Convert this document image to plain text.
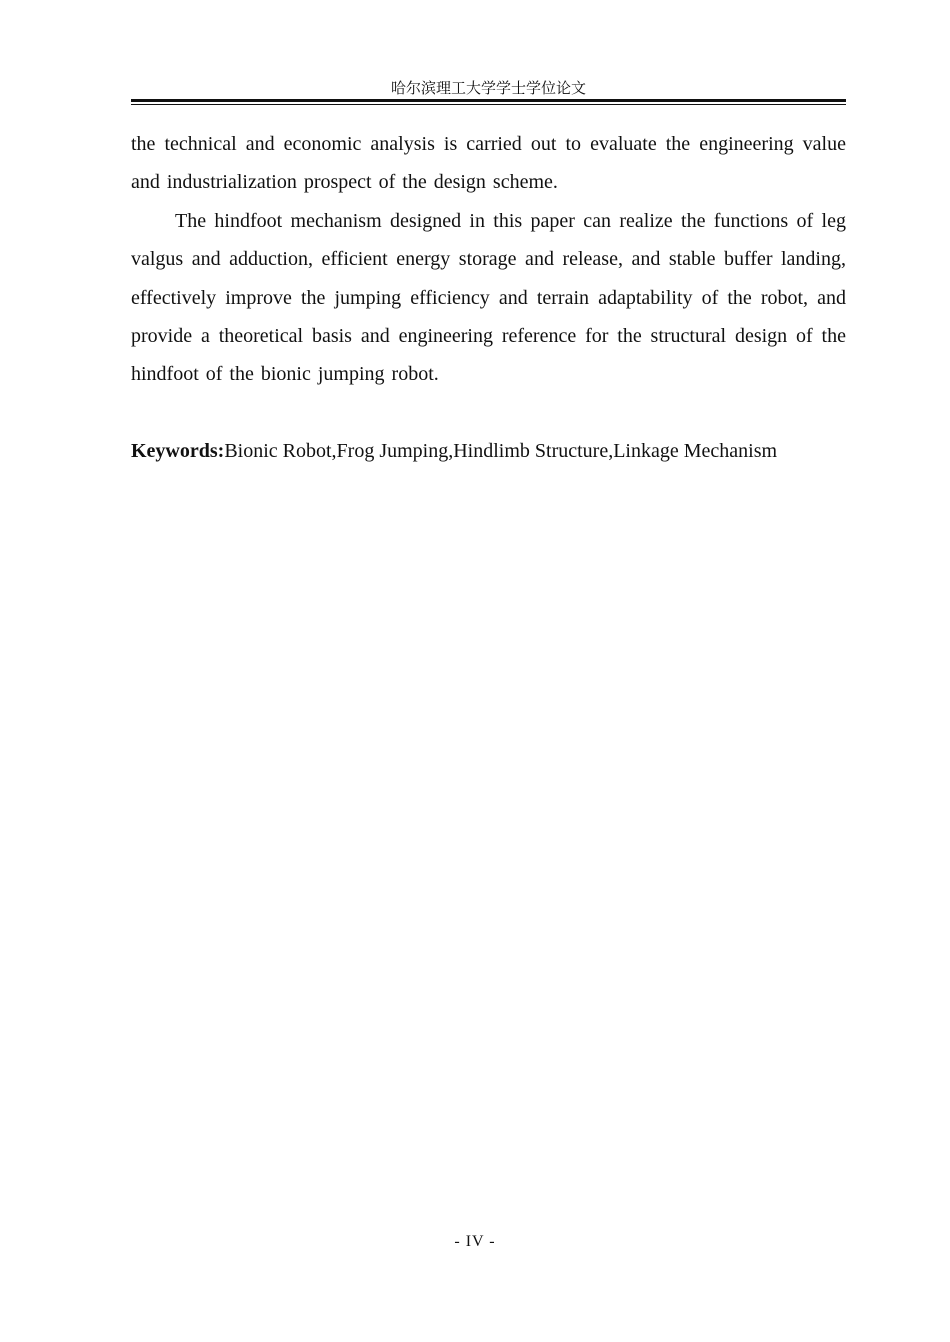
哈尔滨理工大学学士学位论文

the technical and economic analysis is carried out to evaluate the engineering value and industrialization prospect of the design scheme.

The hindfoot mechanism designed in this paper can realize the functions of leg valgus and adduction, efficient energy storage and release, and stable buffer landing, effectively improve the jumping efficiency and terrain adaptability of the robot, and provide a theoretical basis and engineering reference for the structural design of the hindfoot of the bionic jumping robot.

Keywords:Bionic Robot,Frog Jumping,Hindlimb Structure,Linkage Mechanism

- IV -
